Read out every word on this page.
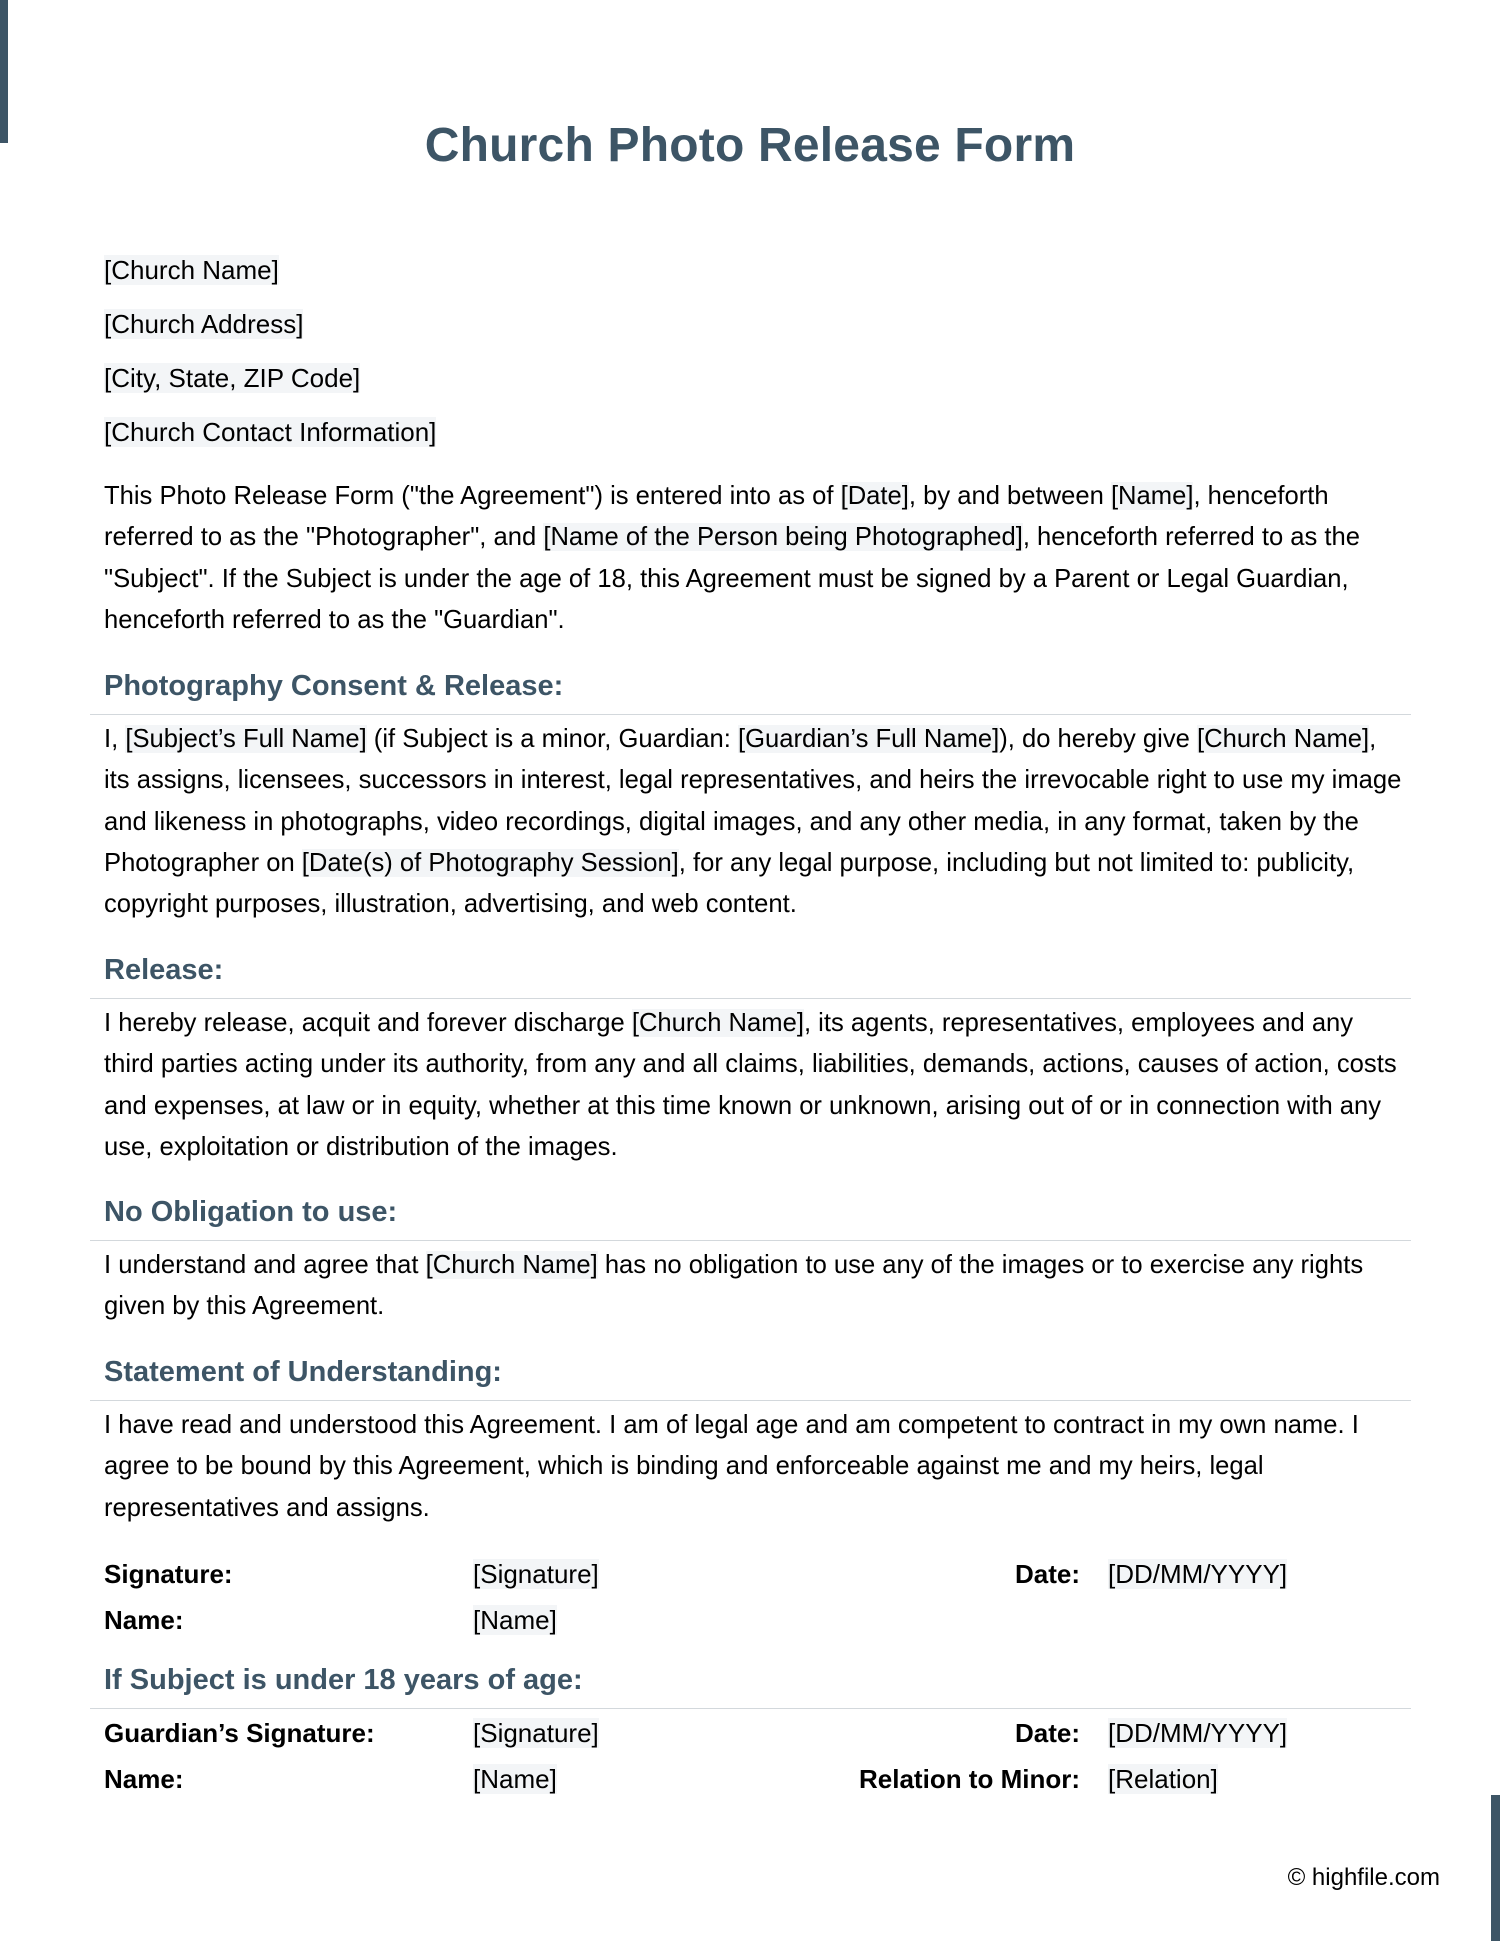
Church Photo Release Form
[Church Name]
[Church Address]
[City, State, ZIP Code]
[Church Contact Information]

This Photo Release Form ("the Agreement") is entered into as of [Date], by and between [Name], henceforth referred to as the "Photographer", and [Name of the Person being Photographed], henceforth referred to as the "Subject". If the Subject is under the age of 18, this Agreement must be signed by a Parent or Legal Guardian, henceforth referred to as the "Guardian".

Photography Consent & Release:

I, [Subject’s Full Name] (if Subject is a minor, Guardian: [Guardian’s Full Name]), do hereby give [Church Name], its assigns, licensees, successors in interest, legal representatives, and heirs the irrevocable right to use my image and likeness in photographs, video recordings, digital images, and any other media, in any format, taken by the Photographer on [Date(s) of Photography Session], for any legal purpose, including but not limited to: publicity, copyright purposes, illustration, advertising, and web content.

Release:

I hereby release, acquit and forever discharge [Church Name], its agents, representatives, employees and any third parties acting under its authority, from any and all claims, liabilities, demands, actions, causes of action, costs and expenses, at law or in equity, whether at this time known or unknown, arising out of or in connection with any use, exploitation or distribution of the images.

No Obligation to use:

I understand and agree that [Church Name] has no obligation to use any of the images or to exercise any rights given by this Agreement.

Statement of Understanding:

I have read and understood this Agreement. I am of legal age and am competent to contract in my own name. I agree to be bound by this Agreement, which is binding and enforceable against me and my heirs, legal representatives and assigns.

Signature:	[Signature]	Date: [DD/MM/YYYY]
Name:	[Name]
If Subject is under 18 years of age:
Guardian’s Signature:	[Signature]	Date: [DD/MM/YYYY]
Name:	[Name]	Relation to Minor: [Relation]
© highfile.com
